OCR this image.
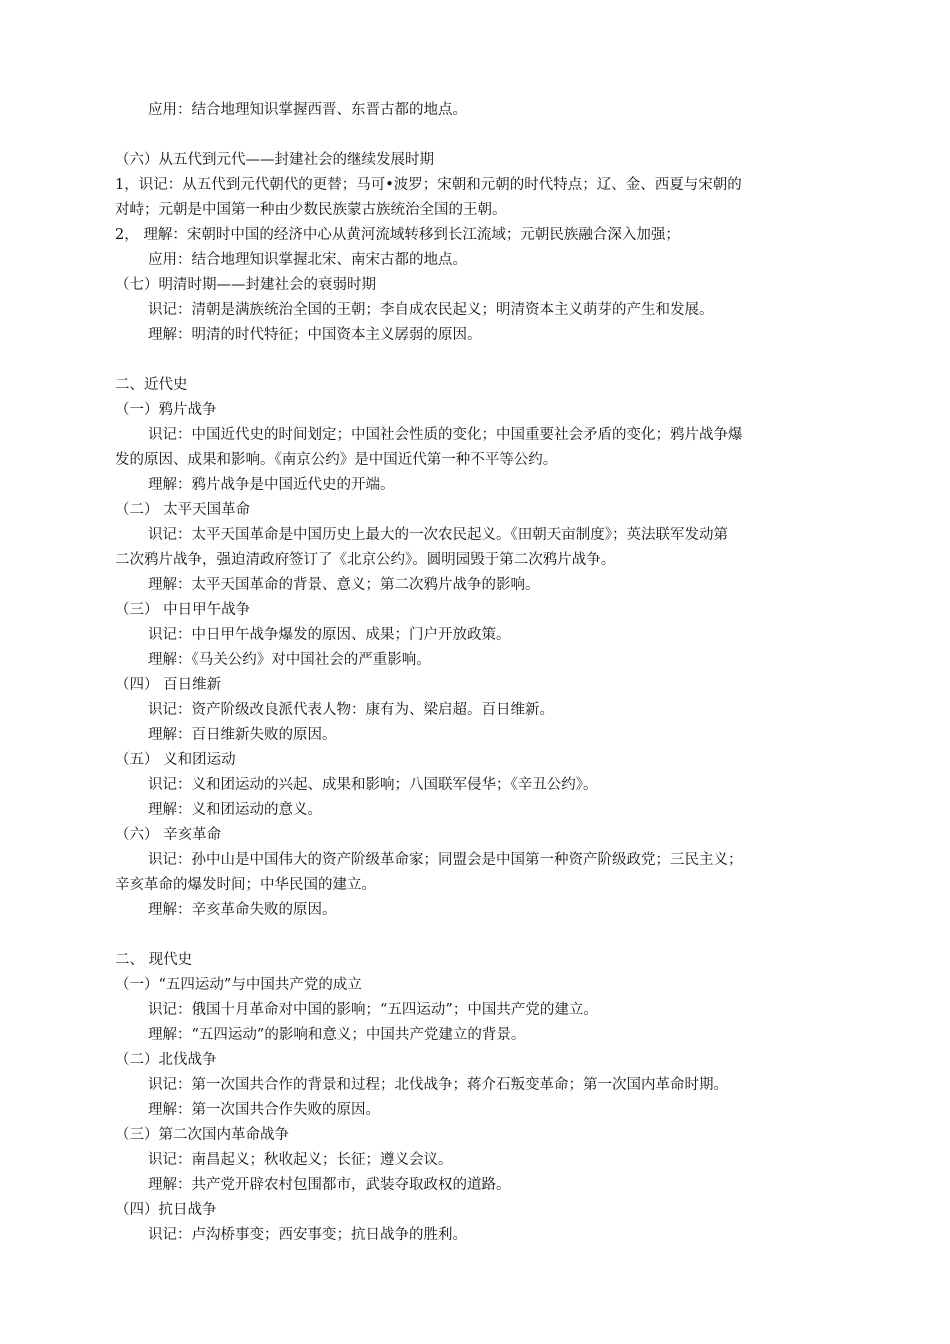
应用：结合地理知识掌握西晋、东晋古都的地点。
（六）从五代到元代——封建社会的继续发展时期
1，识记：从五代到元代朝代的更替；马可•波罗；宋朝和元朝的时代特点；辽、金、西夏与宋朝的
对峙；元朝是中国第一种由少数民族蒙古族统治全国的王朝。
2， 理解：宋朝时中国的经济中心从黄河流域转移到长江流域；元朝民族融合深入加强；
应用：结合地理知识掌握北宋、南宋古都的地点。
（七）明清时期——封建社会的衰弱时期
识记：清朝是满族统治全国的王朝；李自成农民起义；明清资本主义萌芽的产生和发展。
理解：明清的时代特征；中国资本主义孱弱的原因。
二、近代史
（一）鸦片战争
识记：中国近代史的时间划定；中国社会性质的变化；中国重要社会矛盾的变化；鸦片战争爆
发的原因、成果和影响。《南京公约》是中国近代第一种不平等公约。
理解：鸦片战争是中国近代史的开端。
（二） 太平天国革命
识记：太平天国革命是中国历史上最大的一次农民起义。《田朝天亩制度》；英法联军发动第
二次鸦片战争，强迫清政府签订了《北京公约》。圆明园毁于第二次鸦片战争。
理解：太平天国革命的背景、意义；第二次鸦片战争的影响。
（三） 中日甲午战争
识记：中日甲午战争爆发的原因、成果；门户开放政策。
理解：《马关公约》对中国社会的严重影响。
（四） 百日维新
识记：资产阶级改良派代表人物：康有为、梁启超。百日维新。
理解：百日维新失败的原因。
（五） 义和团运动
识记：义和团运动的兴起、成果和影响；八国联军侵华；《辛丑公约》。
理解：义和团运动的意义。
（六） 辛亥革命
识记：孙中山是中国伟大的资产阶级革命家；同盟会是中国第一种资产阶级政党；三民主义；
辛亥革命的爆发时间；中华民国的建立。
理解：辛亥革命失败的原因。
二、 现代史
（一）“五四运动”与中国共产党的成立
识记：俄国十月革命对中国的影响；“五四运动”；中国共产党的建立。
理解：“五四运动”的影响和意义；中国共产党建立的背景。
（二）北伐战争
识记：第一次国共合作的背景和过程；北伐战争；蒋介石叛变革命；第一次国内革命时期。
理解：第一次国共合作失败的原因。
（三）第二次国内革命战争
识记：南昌起义；秋收起义；长征；遵义会议。
理解：共产党开辟农村包围都市，武装夺取政权的道路。
（四）抗日战争
识记：卢沟桥事变；西安事变；抗日战争的胜利。
